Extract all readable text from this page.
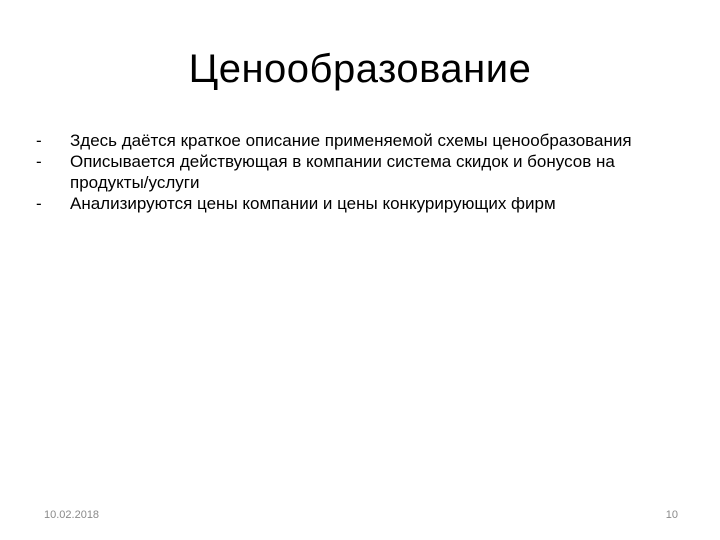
Ценообразование
-	Здесь даётся краткое описание применяемой схемы ценообразования
-	Описывается действующая в компании система скидок и бонусов на продукты/услуги
-	Анализируются цены компании и цены конкурирующих фирм
10.02.2018	10
